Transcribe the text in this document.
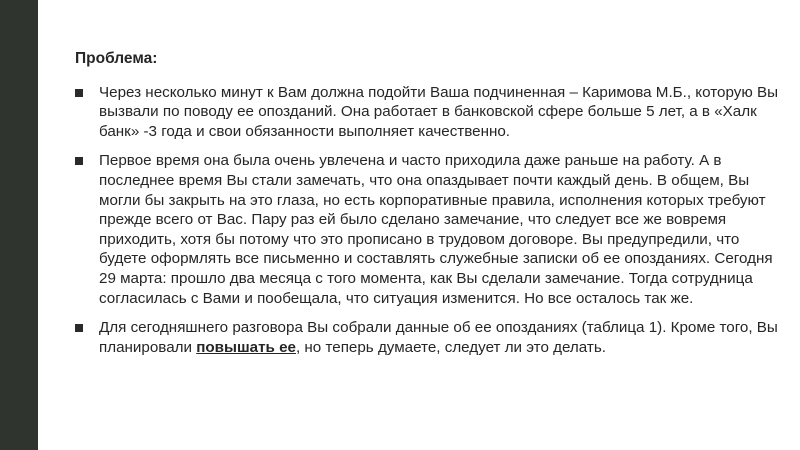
Проблема:
Через несколько минут к Вам должна подойти Ваша подчиненная – Каримова М.Б., которую Вы вызвали по поводу ее опозданий. Она работает в банковской сфере больше 5 лет, а в «Халк банк» -3 года и свои обязанности выполняет качественно.
Первое время она была очень увлечена и часто приходила даже раньше на работу. А в последнее время Вы стали замечать, что она опаздывает почти каждый день. В общем, Вы могли бы закрыть на это глаза, но есть корпоративные правила, исполнения которых требуют прежде всего от Вас. Пару раз ей было сделано замечание, что следует все же вовремя приходить, хотя бы потому что это прописано в трудовом договоре. Вы предупредили, что будете оформлять все письменно и составлять служебные записки об ее опозданиях. Сегодня 29 марта: прошло два месяца с того момента, как Вы сделали замечание. Тогда сотрудница согласилась с Вами и пообещала, что ситуация изменится. Но все осталось так же.
Для сегодняшнего разговора Вы собрали данные об ее опозданиях (таблица 1). Кроме того, Вы планировали повышать ее, но теперь думаете, следует ли это делать.
